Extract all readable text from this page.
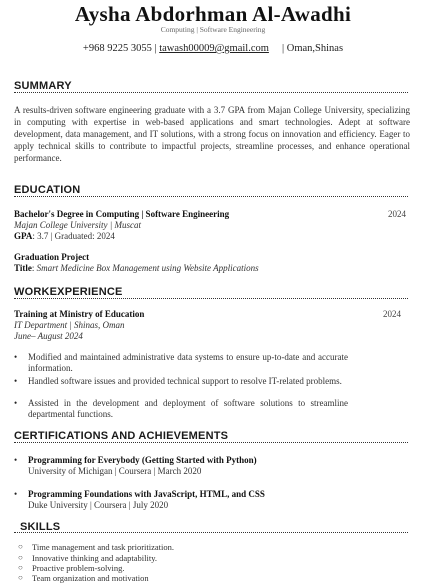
Aysha Abdorhman Al-Awadhi
Computing | Software Engineering
+968 9225 3055 | tawash00009@gmail.com | Oman,Shinas
SUMMARY
A results-driven software engineering graduate with a 3.7 GPA from Majan College University, specializing in computing with expertise in web-based applications and smart technologies. Adept at software development, data management, and IT solutions, with a strong focus on innovation and efficiency. Eager to apply technical skills to contribute to impactful projects, streamline processes, and enhance operational performance.
EDUCATION
Bachelor's Degree in Computing | Software Engineering	2024
Majan College University | Muscat
GPA: 3.7 | Graduated: 2024
Graduation Project
Title: Smart Medicine Box Management using Website Applications
WORKEXPERIENCE
Training at Ministry of Education	2024
IT Department | Shinas, Oman
June– August 2024
• Modified and maintained administrative data systems to ensure up-to-date and accurate information.
• Handled software issues and provided technical support to resolve IT-related problems.
• Assisted in the development and deployment of software solutions to streamline departmental functions.
CERTIFICATIONS AND ACHIEVEMENTS
• Programming for Everybody (Getting Started with Python)
University of Michigan | Coursera | March 2020
• Programming Foundations with JavaScript, HTML, and CSS
Duke University | Coursera | July 2020
SKILLS
○ Time management and task prioritization.
○ Innovative thinking and adaptability.
○ Proactive problem-solving.
○ Team organization and motivation
